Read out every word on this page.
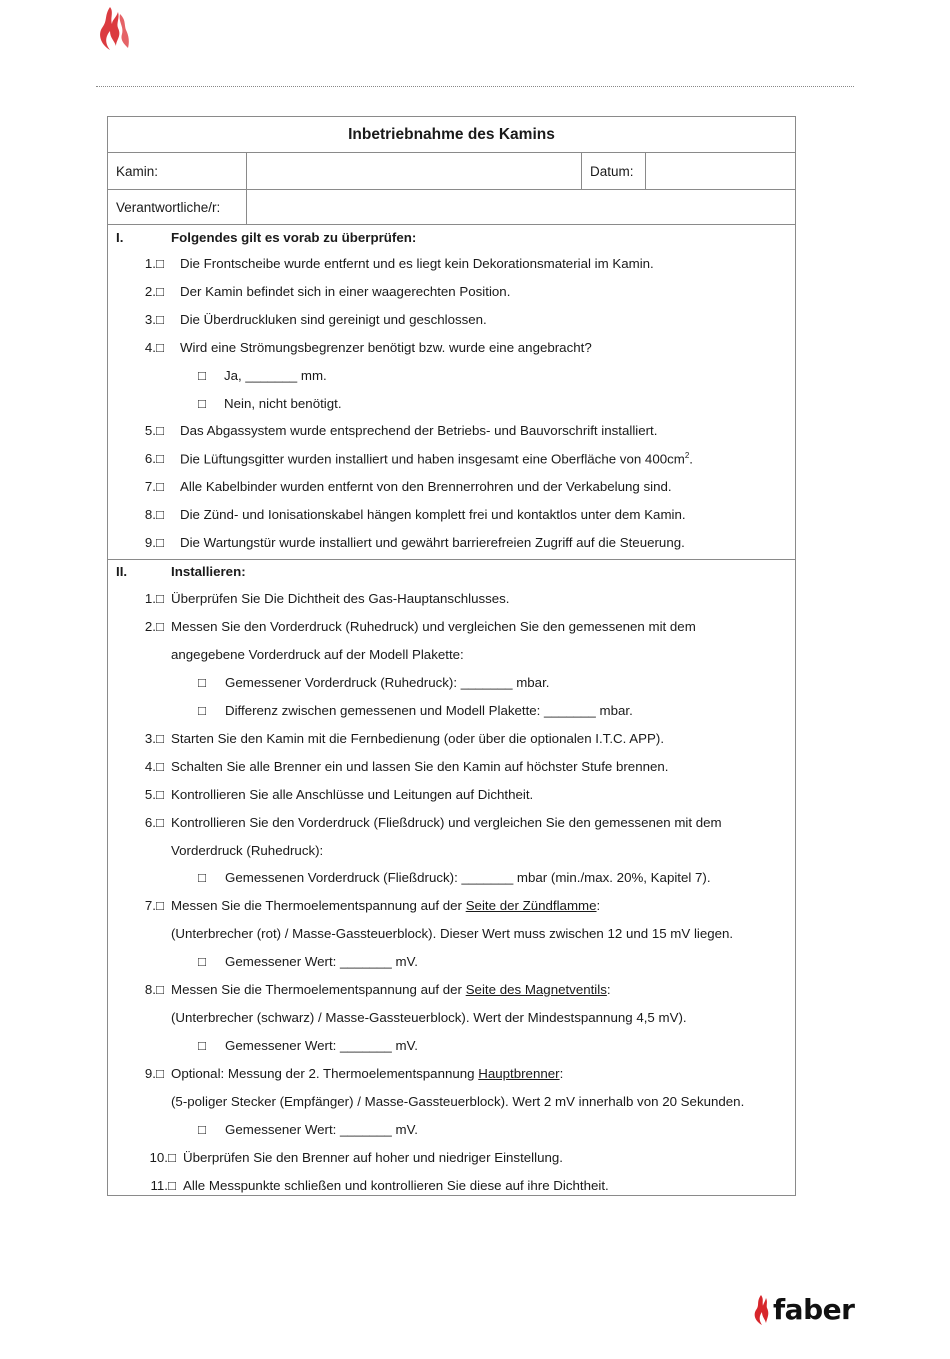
Inbetriebnahme des Kamins
Kamin:	Datum:
Verantwortliche/r:
I.	Folgendes gilt es vorab zu überprüfen:
1.□ Die Frontscheibe wurde entfernt und es liegt kein Dekorationsmaterial im Kamin.
2.□ Der Kamin befindet sich in einer waagerechten Position.
3.□ Die Überdruckluken sind gereinigt und geschlossen.
4.□ Wird eine Strömungsbegrenzer benötigt bzw. wurde eine angebracht?
□ Ja, _______ mm.
□ Nein, nicht benötigt.
5.□ Das Abgassystem wurde entsprechend der Betriebs- und Bauvorschrift installiert.
6.□ Die Lüftungsgitter wurden installiert und haben insgesamt eine Oberfläche von $400cm^2$.
7.□ Alle Kabelbinder wurden entfernt von den Brennerrohren und der Verkabelung sind.
8.□ Die Zünd- und Ionisationskabel hängen komplett frei und kontaktlos unter dem Kamin.
9.□ Die Wartungstür wurde installiert und gewährt barrierefreien Zugriff auf die Steuerung.
II.	Installieren:
1.□ Überprüfen Sie Die Dichtheit des Gas-Hauptanschlusses.
2.□ Messen Sie den Vorderdruck (Ruhedruck) und vergleichen Sie den gemessenen mit dem
angegebene Vorderdruck auf der Modell Plakette:
□ Gemessener Vorderdruck (Ruhedruck): _______ mbar.
□ Differenz zwischen gemessenen und Modell Plakette: _______ mbar.
3.□ Starten Sie den Kamin mit die Fernbedienung (oder über die optionalen I.T.C. APP).
4.□ Schalten Sie alle Brenner ein und lassen Sie den Kamin auf höchster Stufe brennen.
5.□ Kontrollieren Sie alle Anschlüsse und Leitungen auf Dichtheit.
6.□ Kontrollieren Sie den Vorderdruck (Fließdruck) und vergleichen Sie den gemessenen mit dem
Vorderdruck (Ruhedruck):
□ Gemessenen Vorderdruck (Fließdruck): _______ mbar (min./max. 20%, Kapitel 7).
7.□ Messen Sie die Thermoelementspannung auf der Seite der Zündflamme:
(Unterbrecher (rot) / Masse-Gassteuerblock). Dieser Wert muss zwischen 12 und 15 mV liegen.
□ Gemessener Wert: _______ mV.
8.□ Messen Sie die Thermoelementspannung auf der Seite des Magnetventils:
(Unterbrecher (schwarz) / Masse-Gassteuerblock). Wert der Mindestspannung 4,5 mV).
□ Gemessener Wert: _______ mV.
9.□ Optional: Messung der 2. Thermoelementspannung Hauptbrenner:
(5-poliger Stecker (Empfänger) / Masse-Gassteuerblock). Wert 2 mV innerhalb von 20 Sekunden.
□ Gemessener Wert: _______ mV.
10.□ Überprüfen Sie den Brenner auf hoher und niedriger Einstellung.
11.□ Alle Messpunkte schließen und kontrollieren Sie diese auf ihre Dichtheit.
faber
